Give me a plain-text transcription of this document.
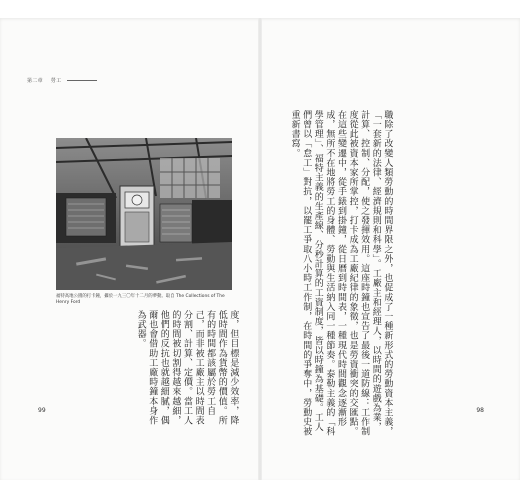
第二章 勞工
福特高地公園的打卡鐘，攝於一九三〇年十二月的夢動。取自 The Collections of The Henry Ford
度，但目標是減少效率，降低時間作為貨幣的價值。所有的時間都該屬於勞工自己，而非被工廠主以時間表分割、計算、定價。當工人的時間被切割得越來越細，他們的反抗也就越細膩，偶爾也會借助工廠時鐘本身作為武器。
99	職除了改變人類勞動的時間界限之外，也促成了一種新形式的勞動資本主義，「一套新的法律、經濟規則和科學」。工廠主和經理人，以時間的遊戲為業，計算、控制、分配，使之發揮效用。這座時鐘也宣告了最後一道防線：工作制度從此被資本家所掌控，打卡成為工廠紀律的象徵，也是勞資衝突的交匯點。在這些變遷中，從手錶到掛鐘，從日曆到時間表，一種現代時間觀念逐漸形成，無所不在地將勞工的身體、勞動與生活納入同一種節奏。泰勒主義的「科學管理」、福特主義的生產線、分秒計算的工資制度，皆以時鐘為基礎。工人們曾以「怠工」對抗，以罷工爭取八小時工作制，在時間的爭奪中，勞動史被重新書寫。
98
